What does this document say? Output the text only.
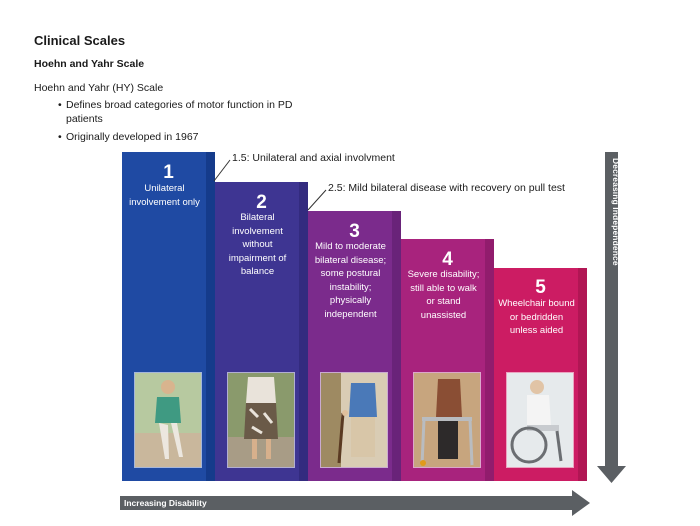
Clinical Scales
Hoehn and Yahr Scale
Hoehn and Yahr (HY) Scale
• Defines broad categories of motor function in PD patients
• Originally developed in 1967
1
Unilateral involvement only	2
Bilateral involvement without impairment of balance
3
Mild to moderate bilateral disease; some postural instability; physically independent
4
Severe disability; still able to walk or stand unassisted
5
Wheelchair bound or bedridden unless aided
1.5: Unilateral and axial involvment
2.5: Mild bilateral disease with recovery on pull test	Decreasing Independence
Increasing Disability
